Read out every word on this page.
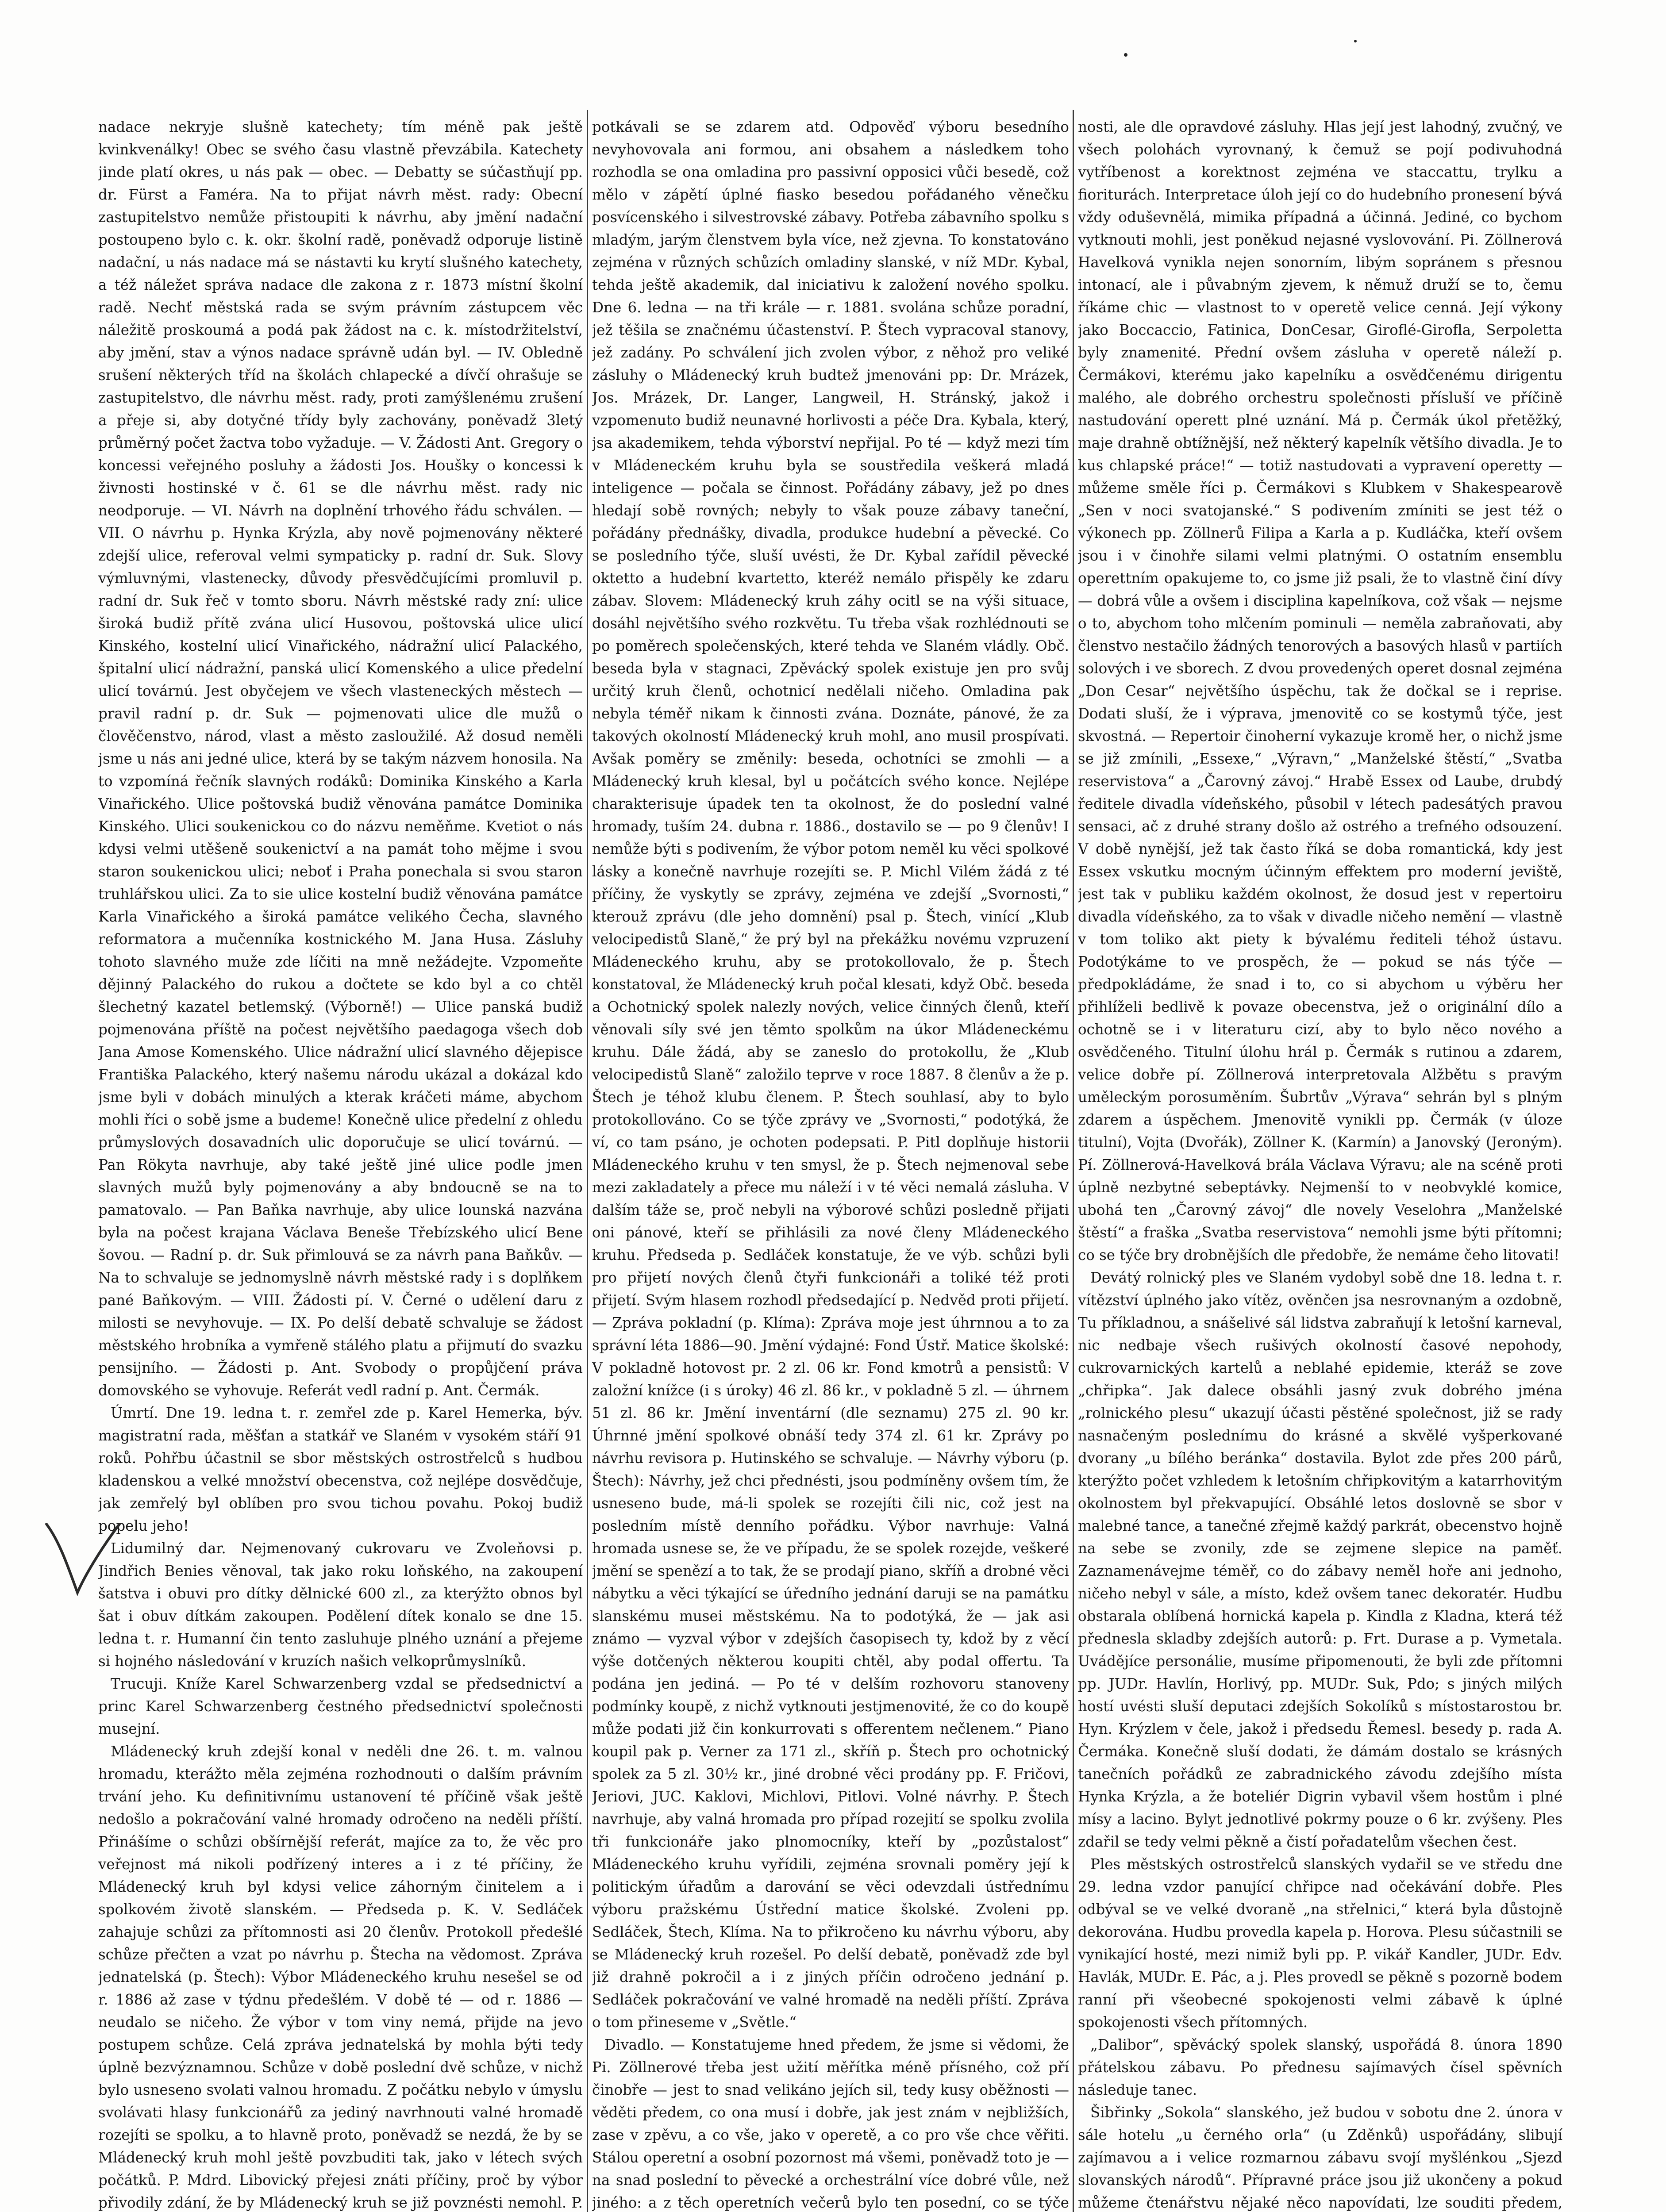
nadace nekryje slušně katechety; tím méně pak ještě kvinkvenálky! Obec se svého času vlastně převzábila. Katechety jinde platí okres, u nás pak — obec. — Debatty se súčastňují pp. dr. Fürst a Faméra. Na to přijat návrh měst. rady: Obecní zastupitelstvo nemůže přistoupiti k návrhu, aby jmění nadační postoupeno bylo c. k. okr. školní radě, poněvadž odporuje listině nadační, u nás nadace má se nástavti ku krytí slušného katechety, a též náležet správa nadace dle zakona z r. 1873 místní školní radě. Nechť městská rada se svým právním zástupcem věc náležitě proskoumá a podá pak žádost na c. k. místodržitelství, aby jmění, stav a výnos nadace správně udán byl. — IV. Obledně srušení některých tříd na školách chlapecké a dívčí ohrašuje se zastupitelstvo, dle návrhu měst. rady, proti zamýšlenému zrušení a přeje si, aby dotyčné třídy byly zachovány, poněvadž 3letý průměrný počet žactva tobo vyžaduje. — V. Žádosti Ant. Gregory o koncessi veřejného posluhy a žádosti Jos. Houšky o koncessi k živnosti hostinské v č. 61 se dle návrhu měst. rady nic neodporuje. — VI. Návrh na doplnění trhového řádu schválen. — VII. O návrhu p. Hynka Krýzla, aby nově pojmenovány některé zdejší ulice, referoval velmi sympaticky p. radní dr. Suk. Slovy výmluvnými, vlastenecky, důvody přesvědčujícími promluvil p. radní dr. Suk řeč v tomto sboru. Návrh městské rady zní: ulice široká budiž přítě zvána ulicí Husovou, poštovská ulice ulicí Kinského, kostelní ulicí Vinařického, nádražní ulicí Palackého, špitalní ulicí nádražní, panská ulicí Komenského a ulice předelní ulicí továrnú. Jest obyčejem ve všech vlasteneckých městech — pravil radní p. dr. Suk — pojmenovati ulice dle mužů o člověčenstvo, národ, vlast a město zasloužilé. Až dosud neměli jsme u nás ani jedné ulice, která by se takým názvem honosila. Na to vzpomíná řečník slavných rodáků: Dominika Kinského a Karla Vinařického. Ulice poštovská budiž věnována památce Dominika Kinského. Ulici soukenickou co do názvu neměňme. Kvetiot o nás kdysi velmi utěšeně soukenictví a na památ toho mějme i svou staron soukenickou ulici; neboť i Praha ponechala si svou staron truhlářskou ulici. Za to sie ulice kostelní budiž věnována památce Karla Vinařického a široká památce velikého Čecha, slavného reformatora a mučenníka kostnického M. Jana Husa. Zásluhy tohoto slavného muže zde líčiti na mně nežádejte. Vzpomeňte dějinný Palackého do rukou a dočtete se kdo byl a co chtěl šlechetný kazatel betlemský. (Výborně!) — Ulice panská budiž pojmenována příště na počest největšího paedagoga všech dob Jana Amose Komenského. Ulice nádražní ulicí slavného dějepisce Františka Palackého, který našemu národu ukázal a dokázal kdo jsme byli v dobách minulých a kterak kráčeti máme, abychom mohli říci o sobě jsme a budeme! Konečně ulice předelní z ohledu průmyslových dosavadních ulic doporučuje se ulicí továrnú. — Pan Rökyta navrhuje, aby také ještě jiné ulice podle jmen slavných mužů byly pojmenovány a aby bndoucně se na to pamatovalo. — Pan Baňka navrhuje, aby ulice lounská nazvána byla na počest krajana Václava Beneše Třebízského ulicí Bene šovou. — Radní p. dr. Suk přimlouvá se za návrh pana Baňkův. — Na to schvaluje se jednomyslně návrh městské rady i s doplňkem pané Baňkovým. — VIII. Žádosti pí. V. Černé o udělení daru z milosti se nevyhovuje. — IX. Po delší debatě schvaluje se žádost městského hrobníka a vymřeně stálého platu a přijmutí do svazku pensijního. — Žádosti p. Ant. Svobody o propůjčení práva domovského se vyhovuje. Referát vedl radní p. Ant. Čermák.

Úmrtí. Dne 19. ledna t. r. zemřel zde p. Karel Hemerka, býv. magistratní rada, měšťan a statkář ve Slaném v vysokém stáří 91 roků. Pohřbu účastnil se sbor městských ostrostřelců s hudbou kladenskou a velké množství obecenstva, což nejlépe dosvědčuje, jak zemřelý byl oblíben pro svou tichou povahu. Pokoj budiž popelu jeho!

Lidumilný dar. Nejmenovaný cukrovaru ve Zvoleňovsi p. Jindřich Benies věnoval, tak jako roku loňského, na zakoupení šatstva i obuvi pro dítky dělnické 600 zl., za kterýžto obnos byl šat i obuv dítkám zakoupen. Podělení dítek konalo se dne 15. ledna t. r. Humanní čin tento zasluhuje plného uznání a přejeme si hojného následování v kruzích našich velkoprůmyslníků.

Trucuji. Kníže Karel Schwarzenberg vzdal se předsednictví a princ Karel Schwarzenberg čestného předsednictví společnosti musejní.

Mládenecký kruh zdejší konal v neděli dne 26. t. m. valnou hromadu, kterážto měla zejména rozhodnouti o dalším právním trvání jeho. Ku definitivnímu ustanovení té příčině však ještě nedošlo a pokračování valné hromady odročeno na neděli příští. Přinášíme o schůzi obšírnější referát, majíce za to, že věc pro veřejnost má nikoli podřízený interes a i z té příčiny, že Mládenecký kruh byl kdysi velice záhorným činitelem a i spolkovém životě slanském. — Předseda p. K. V. Sedláček zahajuje schůzi za přítomnosti asi 20 členův. Protokoll předešlé schůze přečten a vzat po návrhu p. Štecha na vědomost. Zpráva jednatelská (p. Štech): Výbor Mládeneckého kruhu nesešel se od r. 1886 až zase v týdnu předešlém. V době té — od r. 1886 — neudalo se ničeho. Že výbor v tom viny nemá, přijde na jevo postupem schůze. Celá zpráva jednatelská by mohla býti tedy úplně bezvýznamnou. Schůze v době poslední dvě schůze, v nichž bylo usneseno svolati valnou hromadu. Z počátku nebylo v úmyslu svolávati hlasy funkcionářů za jediný navrhnouti valné hromadě rozejíti se spolku, a to hlavně proto, poněvadž se nezdá, že by se Mládenecký kruh mohl ještě povzbuditi tak, jako v létech svých počátků. P. Mdrd. Libovický přejesi znáti příčiny, proč by výbor přivodily zdání, že by Mládenecký kruh se již povznésti nemohl. P.

potkávali se se zdarem atd. Odpověď výboru besedního nevyhovovala ani formou, ani obsahem a následkem toho rozhodla se ona omladina pro passivní opposici vůči besedě, což mělo v zápětí úplné fiasko besedou pořádaného věnečku posvícenského i silvestrovské zábavy. Potřeba zábavního spolku s mladým, jarým členstvem byla více, než zjevna. To konstatováno zejména v různých schůzích omladiny slanské, v níž MDr. Kybal, tehda ještě akademik, dal iniciativu k založení nového spolku. Dne 6. ledna — na tři krále — r. 1881. svolána schůze poradní, jež těšila se značnému účastenství. P. Štech vypracoval stanovy, jež zadány. Po schválení jich zvolen výbor, z něhož pro veliké zásluhy o Mládenecký kruh budtež jmenováni pp: Dr. Mrázek, Jos. Mrázek, Dr. Langer, Langweil, H. Stránský, jakož i vzpomenuto budiž neunavné horlivosti a péče Dra. Kybala, který, jsa akademikem, tehda výborství nepřijal. Po té — když mezi tím v Mládeneckém kruhu byla se soustředila veškerá mladá inteligence — počala se činnost. Pořádány zábavy, jež po dnes hledají sobě rovných; nebyly to však pouze zábavy taneční, pořádány přednášky, divadla, produkce hudební a pěvecké. Co se posledního týče, sluší uvésti, že Dr. Kybal zařídil pěvecké oktetto a hudební kvartetto, kteréž nemálo přispěly ke zdaru zábav. Slovem: Mládenecký kruh záhy ocitl se na výši situace, dosáhl největšího svého rozkvětu. Tu třeba však rozhlédnouti se po poměrech společenských, které tehda ve Slaném vládly. Obč. beseda byla v stagnaci, Zpěvácký spolek existuje jen pro svůj určitý kruh členů, ochotnicí nedělali ničeho. Omladina pak nebyla téměř nikam k činnosti zvána. Doznáte, pánové, že za takových okolností Mládenecký kruh mohl, ano musil prospívati. Avšak poměry se změnily: beseda, ochotníci se zmohli — a Mládenecký kruh klesal, byl u počátcích svého konce. Nejlépe charakterisuje úpadek ten ta okolnost, že do poslední valné hromady, tuším 24. dubna r. 1886., dostavilo se — po 9 členův! I nemůže býti s podivením, že výbor potom neměl ku věci spolkové lásky a konečně navrhuje rozejíti se. P. Michl Vilém žádá z té příčiny, že vyskytly se zprávy, zejména ve zdejší „Svornosti,“ kterouž zprávu (dle jeho domnění) psal p. Štech, vinící „Klub velocipedistů Slaně,“ že prý byl na překážku novému vzpruzení Mládeneckého kruhu, aby se protokollovalo, že p. Štech konstatoval, že Mládenecký kruh počal klesati, když Obč. beseda a Ochotnický spolek nalezly nových, velice činných členů, kteří věnovali síly své jen těmto spolkům na úkor Mládeneckému kruhu. Dále žádá, aby se zaneslo do protokollu, že „Klub velocipedistů Slaně“ založilo teprve v roce 1887. 8 členův a že p. Štech je téhož klubu členem. P. Štech souhlasí, aby to bylo protokollováno. Co se týče zprávy ve „Svornosti,“ podotýká, že ví, co tam psáno, je ochoten podepsati. P. Pitl doplňuje historii Mládeneckého kruhu v ten smysl, že p. Štech nejmenoval sebe mezi zakladately a přece mu náleží i v té věci nemalá zásluha. V dalším táže se, proč nebyli na výborové schůzi posledně přijati oni pánové, kteří se přihlásili za nové členy Mládeneckého kruhu. Předseda p. Sedláček konstatuje, že ve výb. schůzi byli pro přijetí nových členů čtyři funkcionáři a toliké též proti přijetí. Svým hlasem rozhodl předsedající p. Nedvěd proti přijetí. — Zpráva pokladní (p. Klíma): Zpráva moje jest úhrnnou a to za správní léta 1886—90. Jmění výdajné: Fond Ústř. Matice školské: V pokladně hotovost pr. 2 zl. 06 kr. Fond kmotrů a pensistů: V založní knížce (i s úroky) 46 zl. 86 kr., v pokladně 5 zl. — úhrnem 51 zl. 86 kr. Jmění inventární (dle seznamu) 275 zl. 90 kr. Úhrnné jmění spolkové obnáší tedy 374 zl. 61 kr. Zprávy po návrhu revisora p. Hutinského se schvaluje. — Návrhy výboru (p. Štech): Návrhy, jež chci přednésti, jsou podmíněny ovšem tím, že usneseno bude, má-li spolek se rozejíti čili nic, což jest na posledním místě denního pořádku. Výbor navrhuje: Valná hromada usnese se, že ve případu, že se spolek rozejde, veškeré jmění se spenězí a to tak, že se prodají piano, skříň a drobné věci nábytku a věci týkající se úředního jednání daruji se na památku slanskému musei městskému. Na to podotýká, že — jak asi známo — vyzval výbor v zdejších časopisech ty, kdož by z věcí výše dotčených některou koupiti chtěl, aby podal offertu. Ta podána jen jediná. — Po té v delším rozhovoru stanoveny podmínky koupě, z nichž vytknouti jestjmenovité, že co do koupě může podati již čin konkurrovati s offerentem nečlenem.“ Piano koupil pak p. Verner za 171 zl., skříň p. Štech pro ochotnický spolek za 5 zl. 30½ kr., jiné drobné věci prodány pp. F. Fričovi, Jeriovi, JUC. Kaklovi, Michlovi, Pitlovi. Volné návrhy. P. Štech navrhuje, aby valná hromada pro případ rozejití se spolku zvolila tři funkcionáře jako plnomocníky, kteří by „pozůstalost“ Mládeneckého kruhu vyřídili, zejména srovnali poměry její k politickým úřadům a darování se věci odevzdali ústřednímu výboru pražskému Ústřední matice školské. Zvoleni pp. Sedláček, Štech, Klíma. Na to přikročeno ku návrhu výboru, aby se Mládenecký kruh rozešel. Po delší debatě, poněvadž zde byl již drahně pokročil a i z jiných příčin odročeno jednání p. Sedláček pokračování ve valné hromadě na neděli příští. Zpráva o tom přineseme v „Světle.“

Divadlo. — Konstatujeme hned předem, že jsme si vědomi, že Pi. Zöllnerové třeba jest užití měřítka méně přísného, což pří činobře — jest to snad velikáno jejích sil, tedy kusy oběžnosti — věděti předem, co ona musí i dobře, jak jest znám v nejbližších, zase v zpěvu, a co vše, jako v operetě, a co pro vše chce věřiti. Stálou operetní a osobní pozornost má všemi, poněvadž toto je — na snad poslední to pěvecké a orchestrální více dobré vůle, než jiného: a z těch operetních večerů bylo ten posední, co se týče

nosti, ale dle opravdové zásluhy. Hlas její jest lahodný, zvučný, ve všech polohách vyrovnaný, k čemuž se pojí podivuhodná vytříbenost a korektnost zejména ve staccattu, trylku a fioriturách. Interpretace úloh její co do hudebního pronesení bývá vždy oduševnělá, mimika případná a účinná. Jediné, co bychom vytknouti mohli, jest poněkud nejasné vyslovování. Pi. Zöllnerová Havelková vynikla nejen sonorním, libým sopránem s přesnou intonací, ale i půvabným zjevem, k němuž druží se to, čemu říkáme chic — vlastnost to v operetě velice cenná. Její výkony jako Boccaccio, Fatinica, DonCesar, Giroflé-Girofla, Serpoletta byly znamenité. Přední ovšem zásluha v operetě náleží p. Čermákovi, kterému jako kapelníku a osvědčenému dirigentu malého, ale dobrého orchestru společnosti přísluší ve příčině nastudování operett plné uznání. Má p. Čermák úkol přetěžký, maje drahně obtížnější, než některý kapelník většího divadla. Je to kus chlapské práce!“ — totiž nastudovati a vypravení operetty — můžeme směle říci p. Čermákovi s Klubkem v Shakespearově „Sen v noci svatojanské.“ S podivením zmíniti se jest též o výkonech pp. Zöllnerů Filipa a Karla a p. Kudláčka, kteří ovšem jsou i v činohře silami velmi platnými. O ostatním ensemblu operettním opakujeme to, co jsme již psali, že to vlastně činí dívy — dobrá vůle a ovšem i disciplina kapelníkova, což však — nejsme o to, abychom toho mlčením pominuli — neměla zabraňovati, aby členstvo nestačilo žádných tenorových a basových hlasů v partiích solových i ve sborech. Z dvou provedených operet dosnal zejména „Don Cesar“ největšího úspěchu, tak že dočkal se i reprise. Dodati sluší, že i výprava, jmenovitě co se kostymů týče, jest skvostná. — Repertoir činoherní vykazuje kromě her, o nichž jsme se již zmínili, „Essexe,“ „Výravn,“ „Manželské štěstí,“ „Svatba reservistova“ a „Čarovný závoj.“ Hrabě Essex od Laube, drubdý ředitele divadla vídeňského, působil v létech padesátých pravou sensaci, ač z druhé strany došlo až ostrého a trefného odsouzení. V době nynější, jež tak často říká se doba romantická, kdy jest Essex vskutku mocným účinným effektem pro moderní jeviště, jest tak v publiku každém okolnost, že dosud jest v repertoiru divadla vídeňského, za to však v divadle ničeho nemění — vlastně v tom toliko akt piety k bývalému řediteli téhož ústavu. Podotýkáme to ve prospěch, že — pokud se nás týče — předpokládáme, že snad i to, co si abychom u výběru her přihlíželi bedlivě k povaze obecenstva, jež o originální dílo a ochotně se i v literaturu cizí, aby to bylo něco nového a osvědčeného. Titulní úlohu hrál p. Čermák s rutinou a zdarem, velice dobře pí. Zöllnerová interpretovala Alžbětu s pravým uměleckým porosuměním. Šubrtův „Výrava“ sehrán byl s plným zdarem a úspěchem. Jmenovitě vynikli pp. Čermák (v úloze titulní), Vojta (Dvořák), Zöllner K. (Karmín) a Janovský (Jeroným). Pí. Zöllnerová-Havelková brála Václava Výravu; ale na scéně proti úplně nezbytné sebeptávky. Nejmenší to v neobvyklé komice, ubohá ten „Čarovný závoj“ dle novely Veselohra „Manželské štěstí“ a fraška „Svatba reservistova“ nemohli jsme býti přítomni; co se týče bry drobnějších dle předobře, že nemáme čeho litovati!

Devátý rolnický ples ve Slaném vydobyl sobě dne 18. ledna t. r. vítězství úplného jako vítěz, ověnčen jsa nesrovnaným a ozdobně, Tu příkladnou, a snášelivé sál lidstva zabraňují k letošní karneval, nic nedbaje všech rušivých okolností časové nepohody, cukrovarnických kartelů a neblahé epidemie, kteráž se zove „chřipka“. Jak dalece obsáhli jasný zvuk dobrého jména „rolnického plesu“ ukazují účasti pěstěné společnost, již se rady nasnačeným poslednímu do krásné a skvělé vyšperkované dvorany „u bílého beránka“ dostavila. Bylot zde přes 200 párů, kterýžto počet vzhledem k letošním chřipkovitým a katarrhovitým okolnostem byl překvapující. Obsáhlé letos doslovně se sbor v malebné tance, a tanečné zřejmě každý parkrát, obecenstvo hojně na sebe se zvonily, zde se zejmene slepice na paměť. Zaznamenávejme téměř, co do zábavy neměl hoře ani jednoho, ničeho nebyl v sále, a místo, kdež ovšem tanec dekoratér. Hudbu obstarala oblíbená hornická kapela p. Kindla z Kladna, která též přednesla skladby zdejších autorů: p. Frt. Durase a p. Vymetala. Uvádějíce personálie, musíme připomenouti, že byli zde přítomni pp. JUDr. Havlín, Horlivý, pp. MUDr. Suk, Pdo; s jiných milých hostí uvésti sluší deputaci zdejších Sokolíků s místostarostou br. Hyn. Krýzlem v čele, jakož i předsedu Řemesl. besedy p. rada A. Čermáka. Konečně sluší dodati, že dámám dostalo se krásných tanečních pořádků ze zabradnického závodu zdejšího místa Hynka Krýzla, a že boteliér Digrin vybavil všem hostům i plné mísy a lacino. Bylyt jednotlivé pokrmy pouze o 6 kr. zvýšeny. Ples zdařil se tedy velmi pěkně a čistí pořadatelům všechen čest.

Ples městských ostrostřelců slanských vydařil se ve středu dne 29. ledna vzdor panující chřipce nad očekávání dobře. Ples odbýval se ve velké dvoraně „na střelnici,“ která byla důstojně dekorována. Hudbu provedla kapela p. Horova. Plesu súčastnili se vynikající hosté, mezi nimiž byli pp. P. vikář Kandler, JUDr. Edv. Havlák, MUDr. E. Pác, a j. Ples provedl se pěkně s pozorně bodem ranní při všeobecné spokojenosti velmi zábavě k úplné spokojenosti všech přítomných.

„Dalibor“, spěvácký spolek slanský, uspořádá 8. února 1890 přátelskou zábavu. Po přednesu sajímavých čísel spěvních následuje tanec.

Šibřinky „Sokola“ slanského, jež budou v sobotu dne 2. února v sále hotelu „u černého orla“ (u Zděnků) uspořádány, slibují zajímavou a i velice rozmarnou zábavu svojí myšlénkou „Sjezd slovanských národů“. Přípravné práce jsou již ukončeny a pokud můžeme čtenářstvu nějaké něco napovídati, lze souditi předem,
